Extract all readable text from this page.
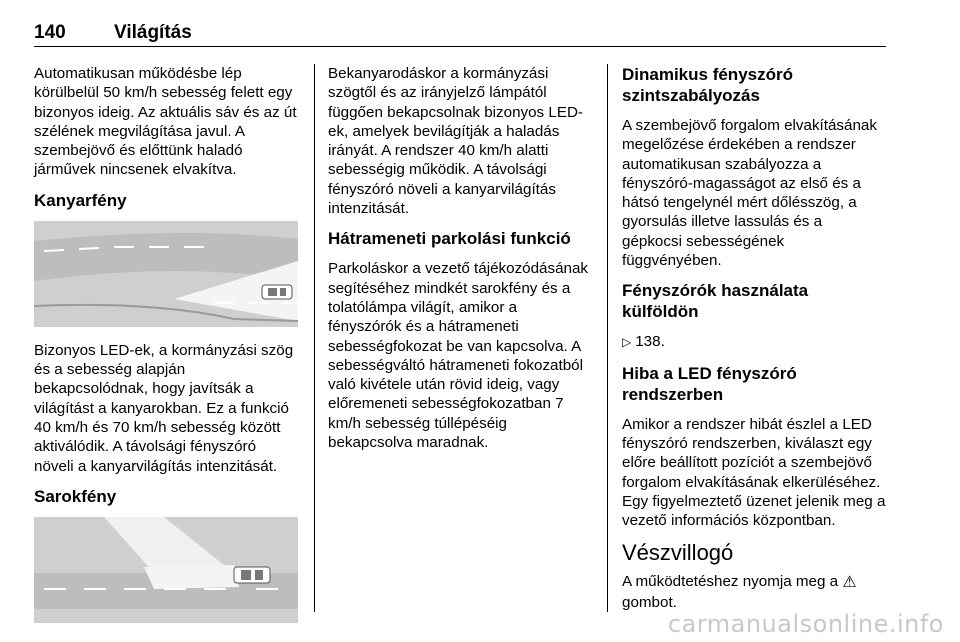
140	Világítás

Automatikusan működésbe lép körülbelül 50 km/h sebesség felett egy bizonyos ideig. Az aktuális sáv és az út szélének megvilágítása javul. A szembejövő és előttünk haladó járművek nincsenek elvakítva.

Kanyarfény

Bizonyos LED-ek, a kormányzási szög és a sebesség alapján bekapcsolódnak, hogy javítsák a világítást a kanyarokban. Ez a funkció 40 km/h és 70 km/h sebesség között aktiválódik. A távolsági fényszóró növeli a kanyarvilágítás intenzitását.

Sarokfény

Bekanyarodáskor a kormányzási szögtől és az irányjelző lámpától függően bekapcsolnak bizonyos LED-ek, amelyek bevilágítják a haladás irányát. A rendszer 40 km/h alatti sebességig működik. A távolsági fényszóró növeli a kanyarvilágítás intenzitását.

Hátrameneti parkolási funkció

Parkoláskor a vezető tájékozódásának segítéséhez mindkét sarokfény és a tolatólámpa világít, amikor a fényszórók és a hátrameneti sebességfokozat be van kapcsolva. A sebességváltó hátrameneti fokozatból való kivétele után rövid ideig, vagy előremeneti sebességfokozatban 7 km/h sebesség túllépéséig bekapcsolva maradnak.

Dinamikus fényszóró szintszabályozás

A szembejövő forgalom elvakításának megelőzése érdekében a rendszer automatikusan szabályozza a fényszóró-magasságot az első és a hátsó tengelynél mért dőlésszög, a gyorsulás illetve lassulás és a gépkocsi sebességének függvényében.

Fényszórók használata külföldön

▷ 138.

Hiba a LED fényszóró rendszerben

Amikor a rendszer hibát észlel a LED fényszóró rendszerben, kiválaszt egy előre beállított pozíciót a szembejövő forgalom elvakításának elkerüléséhez. Egy figyelmeztető üzenet jelenik meg a vezető információs központban.

Vészvillogó

A működtetéshez nyomja meg a ⚠ gombot.

carmanualsonline.info
